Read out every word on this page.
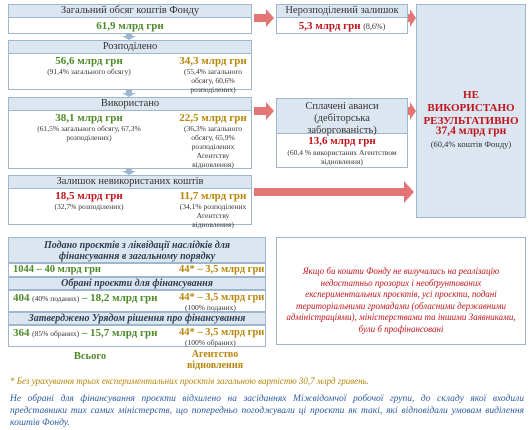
Загальний обсяг коштів Фонду
61,9 млрд грн
Нерозподілений залишок
5,3 млрд грн (8,6%)
Розподілено
56,6 млрд грн
(91,4% загального обсягу)
34,3 млрд грн
(55,4% загального обсягу, 60,6% розподілених)
Використано
38,1 млрд грн
(61,5% загального обсягу, 67,3% розподілених)
22,5 млрд грн
(36,3% загального обсягу, 65,9% розподілених Агентству відновлення)
Сплачені аванси (дебіторська заборгованість)
13,6 млрд грн
(60,4 % використаних Агентством відновлення)
Залишок невикористаних коштів
18,5 млрд грн
(32,7% розподілених)
11,7 млрд грн
(34,1% розподілених Агентству відновлення)
НЕ ВИКОРИСТАНО РЕЗУЛЬТАТИВНО
37,4 млрд грн
(60,4% коштів Фонду)
Подано проєктів з ліквідації наслідків для фінансування в загальному порядку
1044 – 40 млрд грн	44* – 3,5 млрд грн
Обрані проєкти для фінансування
404 (40% поданих) – 18,2 млрд грн 44* – 3,5 млрд грн
(100% поданих)
Затверджено Урядом рішення про фінансування
364 (85% обраних) – 15,7 млрд грн 44* – 3,5 млрд грн
(100% обраних)
Всього	Агентство відновлення
Якщо би кошти Фонду не вилучались на реалізацію недостатньо прозорих і необґрунтованих експериментальних проєктів, усі проєкти, подані територіальними громадами (обласними державними адміністраціями), міністерствами та іншими Заявниками, були б профінансовані
* Без урахування трьох експериментальних проєктів загальною вартістю 30,7 млрд гривень.
Не обрані для фінансування проєкти відхилено на засіданнях Міжвідомчої робочої групи, до складу якої входили представники тих самих міністерств, що попередньо погоджували ці проєкти як такі, які відповідали умовам виділення коштів Фонду.
